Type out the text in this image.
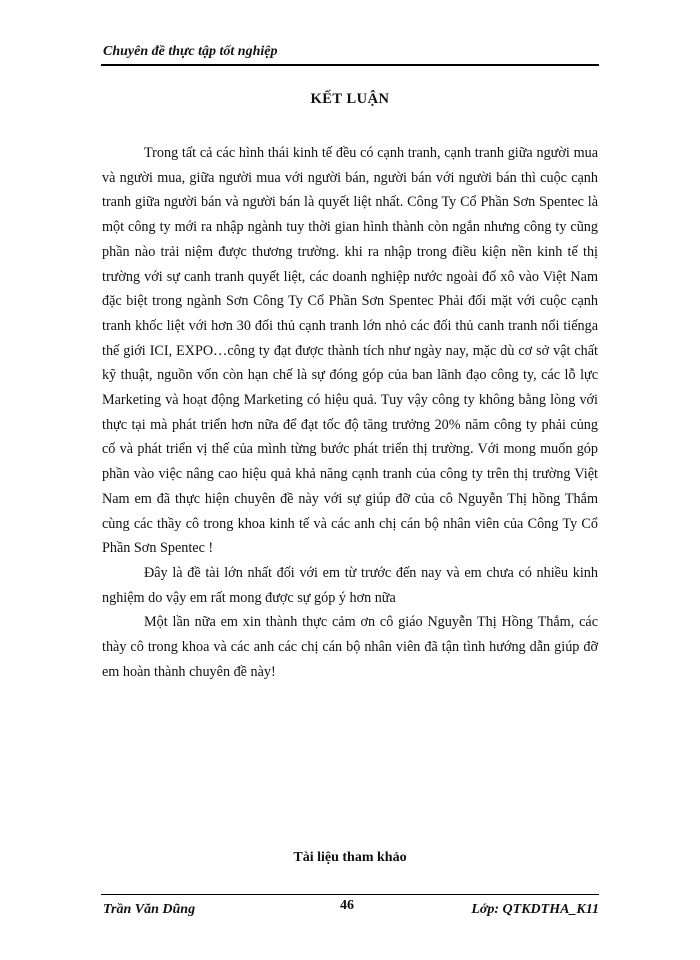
Chuyên đề thực tập tốt nghiệp
KẾT LUẬN

Trong tất cả các hình thái kinh tế đều có cạnh tranh, cạnh tranh giữa người mua và người mua, giữa người mua với người bán, người bán với người bán thì cuộc cạnh tranh giữa người bán và người bán là quyết liệt nhất. Công Ty Cổ Phần Sơn Spentec là một công ty mới ra nhập ngành tuy thời gian hình thành còn ngắn nhưng công ty cũng phần nào trải niệm được thương trường. khi ra nhập trong điều kiện nền kinh tế thị trường với sự canh tranh quyết liệt, các doanh nghiệp nước ngoài đổ xô vào Việt Nam đặc biệt trong ngành Sơn Công Ty Cổ Phần Sơn Spentec Phải đối mặt với cuộc cạnh tranh khốc liệt với hơn 30 đối thủ cạnh tranh lớn nhỏ các đối thủ canh tranh nổi tiếnga thế giới ICI, EXPO…công ty đạt được thành tích như ngày nay, mặc dù cơ sở vật chất kỹ thuật, nguồn vốn còn hạn chế là sự đóng góp của ban lãnh đạo công ty, các lỗ lực Marketing và hoạt động Marketing có hiệu quả. Tuy vậy công ty không bằng lòng với thực tại mà phát triển hơn nữa để đạt tốc độ tăng trưởng 20% năm công ty phải củng cố và phát triển vị thế của mình từng bước phát triển thị trường. Với mong muốn góp phần vào việc nâng cao hiệu quả khả năng cạnh tranh của công ty trên thị trường Việt Nam em đã thực hiện chuyên đề này với sự giúp đỡ của cô Nguyễn Thị hồng Thắm cùng các thầy cô trong khoa kinh tế và các anh chị cán bộ nhân viên của Công Ty Cổ Phần Sơn Spentec !

Đây là đề tài lớn nhất đối với em từ trước đến nay và em chưa có nhiều kinh nghiệm do vậy em rất mong được sự góp ý hơn nữa

Một lần nữa em xin thành thực cảm ơn cô giáo Nguyễn Thị Hồng Thắm, các thày cô trong khoa và các anh các chị cán bộ nhân viên đã tận tình hướng dẫn giúp đỡ em hoàn thành chuyên đề này!

Tài liệu tham khảo
Trần Văn Dũng	46	Lớp: QTKDTHA_K11
